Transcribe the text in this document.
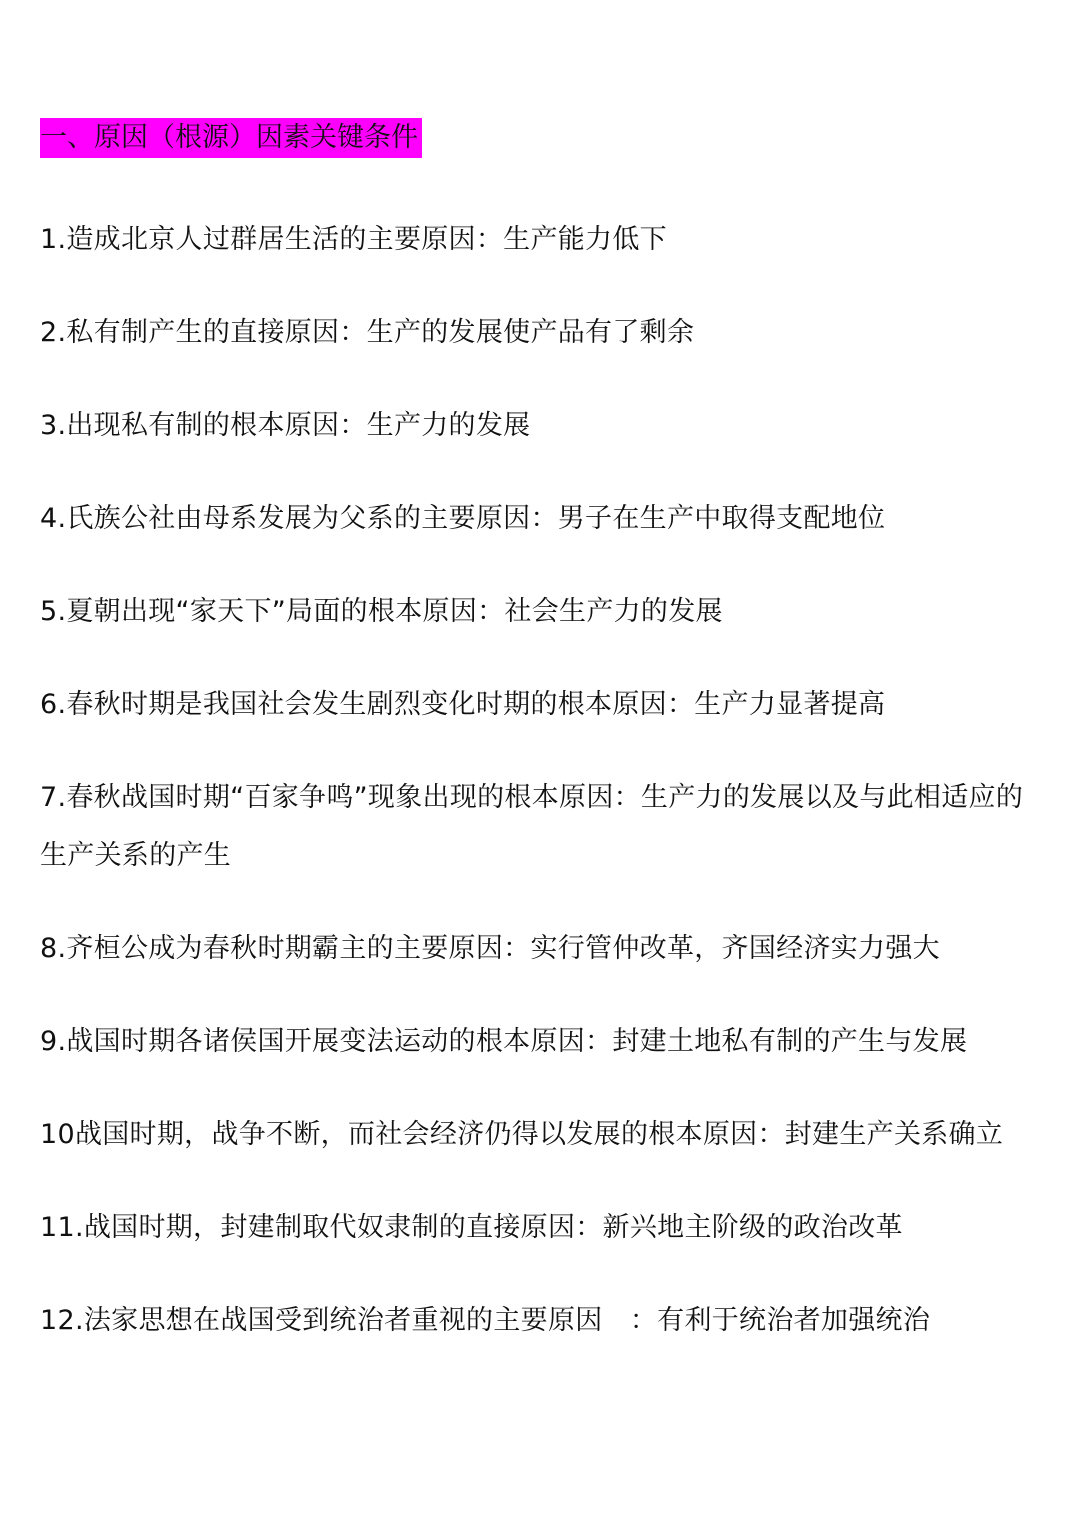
一、原因（根源）因素关键条件
1.造成北京人过群居生活的主要原因：生产能力低下
2.私有制产生的直接原因：生产的发展使产品有了剩余
3.出现私有制的根本原因：生产力的发展
4.氏族公社由母系发展为父系的主要原因：男子在生产中取得支配地位
5.夏朝出现“家天下”局面的根本原因：社会生产力的发展
6.春秋时期是我国社会发生剧烈变化时期的根本原因：生产力显著提高
7.春秋战国时期“百家争鸣”现象出现的根本原因：生产力的发展以及与此相适应的生产关系的产生
8.齐桓公成为春秋时期霸主的主要原因：实行管仲改革，齐国经济实力强大
9.战国时期各诸侯国开展变法运动的根本原因：封建土地私有制的产生与发展
10战国时期，战争不断，而社会经济仍得以发展的根本原因：封建生产关系确立
11.战国时期，封建制取代奴隶制的直接原因：新兴地主阶级的政治改革
12.法家思想在战国受到统治者重视的主要原因　：有利于统治者加强统治
